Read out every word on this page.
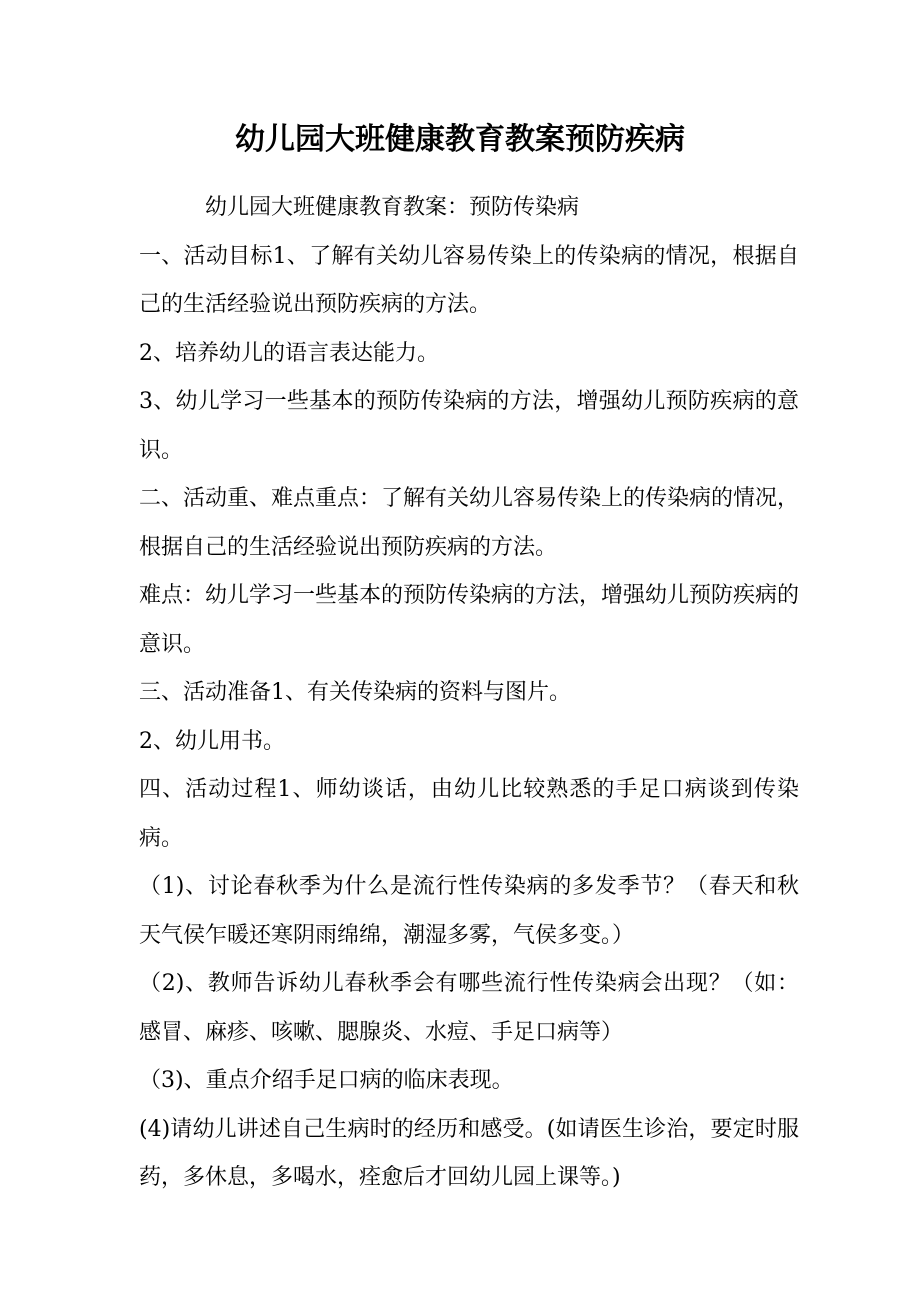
幼儿园大班健康教育教案预防疾病

幼儿园大班健康教育教案：预防传染病

一、活动目标1、了解有关幼儿容易传染上的传染病的情况，根据自己的生活经验说出预防疾病的方法。

2、培养幼儿的语言表达能力。

3、幼儿学习一些基本的预防传染病的方法，增强幼儿预防疾病的意识。

二、活动重、难点重点：了解有关幼儿容易传染上的传染病的情况，根据自己的生活经验说出预防疾病的方法。

难点：幼儿学习一些基本的预防传染病的方法，增强幼儿预防疾病的意识。

三、活动准备1、有关传染病的资料与图片。

2、幼儿用书。

四、活动过程1、师幼谈话，由幼儿比较熟悉的手足口病谈到传染病。

（1)、讨论春秋季为什么是流行性传染病的多发季节？（春天和秋天气侯乍暖还寒阴雨绵绵，潮湿多雾，气侯多变。）

（2)、教师告诉幼儿春秋季会有哪些流行性传染病会出现？（如：感冒、麻疹、咳嗽、腮腺炎、水痘、手足口病等）

（3)、重点介绍手足口病的临床表现。

(4)请幼儿讲述自己生病时的经历和感受。(如请医生诊治，要定时服药，多休息，多喝水，痊愈后才回幼儿园上课等。)
